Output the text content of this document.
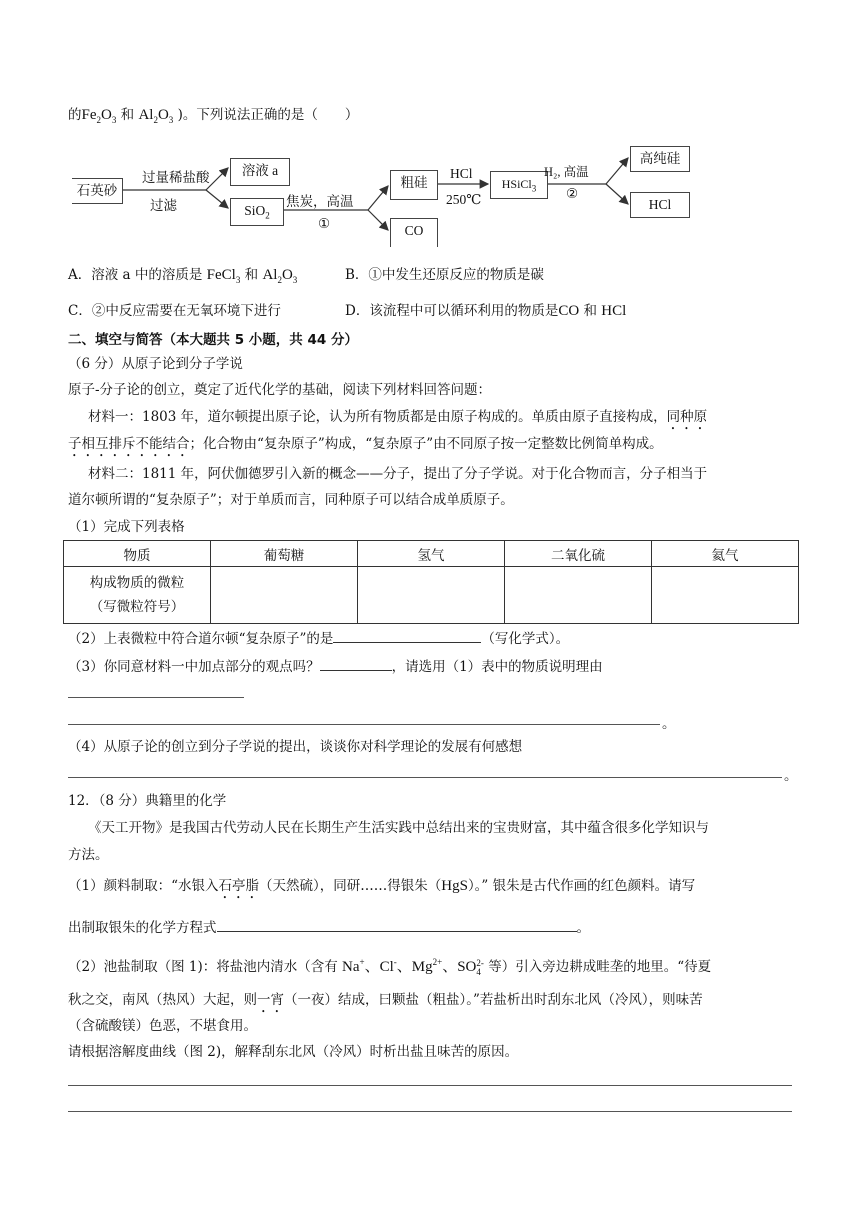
的$Fe_2O_3$ 和 $Al_2O_3$ )。下列说法正确的是（　　）
石英砂
过量稀盐酸
过滤
溶液 a
SiO$_2$
焦炭，高温
①
粗硅
CO
HCl
250℃
HSiCl$_3$
H₂, 高温
②
高纯硅
HCl
A．溶液 a 中的溶质是 FeCl$_3$ 和 $Al_2O_3$	B．①中发生还原反应的物质是碳
C．②中反应需要在无氧环境下进行	D．该流程中可以循环利用的物质是CO 和 HCl
二、填空与简答（本大题共 5 小题，共 44 分）
（6 分）从原子论到分子学说
原子-分子论的创立，奠定了近代化学的基础，阅读下列材料回答问题：
材料一：1803 年，道尔顿提出原子论，认为所有物质都是由原子构成的。单质由原子直接构成，同种原
子相互排斥不能结合；化合物由“复杂原子”构成，“复杂原子”由不同原子按一定整数比例简单构成。
材料二：1811 年，阿伏伽德罗引入新的概念——分子，提出了分子学说。对于化合物而言，分子相当于
道尔顿所谓的“复杂原子”；对于单质而言，同种原子可以结合成单质原子。
（1）完成下列表格
物质	葡萄糖	氢气	二氧化硫	氦气

构成物质的微粒
（写微粒符号）				

（2）上表微粒中符合道尔顿“复杂原子”的是	（写化学式）。
（3）你同意材料一中加点部分的观点吗？	，请选用（1）表中的物质说明理由
。
（4）从原子论的创立到分子学说的提出，谈谈你对科学理论的发展有何感想
。
12．（8 分）典籍里的化学
《天工开物》是我国古代劳动人民在长期生产生活实践中总结出来的宝贵财富，其中蕴含很多化学知识与
方法。
（1）颜料制取：“水银入石亭脂（天然硫），同研……得银朱（HgS）。” 银朱是古代作画的红色颜料。请写
出制取银朱的化学方程式	。
（2）池盐制取（图 1)：将盐池内清水（含有 Na+、Cl-、$Mg^{2+}$、SO 2-
4 等）引入旁边耕成畦垄的地里。“待夏
秋之交，南风（热风）大起，则一宵（一夜）结成，曰颗盐（粗盐）。”若盐析出时刮东北风（冷风），则味苦
（含硫酸镁）色恶，不堪食用。
请根据溶解度曲线（图 2)，解释刮东北风（冷风）时析出盐且味苦的原因。
